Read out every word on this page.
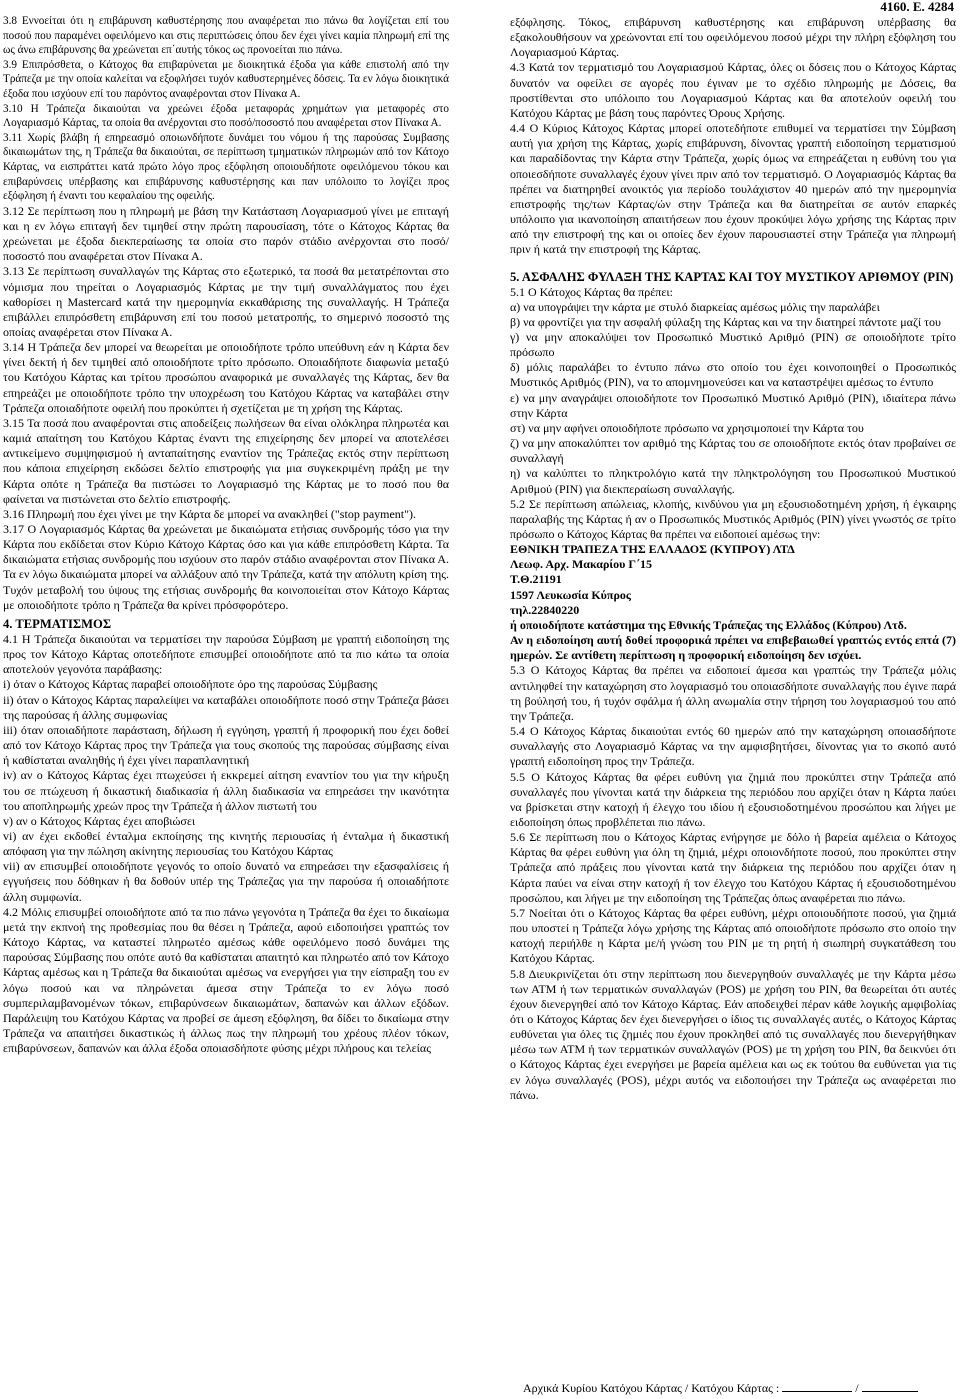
4160. Ε. 4284

3.8 Εννοείται ότι η επιβάρυνση καθυστέρησης που αναφέρεται πιο πάνω θα λογίζεται επί του ποσού που παραμένει οφειλόμενο και στις περιπτώσεις όπου δεν έχει γίνει καμία πληρωμή επί της ως άνω επιβάρυνσης θα χρεώνεται επ΄αυτής τόκος ως προνοείται πιο πάνω.

3.9 Επιπρόσθετα, ο Κάτοχος θα επιβαρύνεται με διοικητικά έξοδα για κάθε επιστολή από την Τράπεζα με την οποία καλείται να εξοφλήσει τυχόν καθυστερημένες δόσεις. Τα εν λόγω διοικητικά έξοδα που ισχύουν επί του παρόντος αναφέρονται στον Πίνακα Α.

3.10 Η Τράπεζα δικαιούται να χρεώνει έξοδα μεταφοράς χρημάτων για μεταφορές στο Λογαριασμό Κάρτας, τα οποία θα ανέρχονται στο ποσό/ποσοστό που αναφέρεται στον Πίνακα Α.

3.11 Χωρίς βλάβη ή επηρεασμό οποιωνδήποτε δυνάμει του νόμου ή της παρούσας Συμβασης δικαιωμάτων της, η Τράπεζα θα δικαιούται, σε περίπτωση τμηματικών πληρωμών από τον Κάτοχο Κάρτας, να εισπράττει κατά πρώτο λόγο προς εξόφληση οποιουδήποτε οφειλόμενου τόκου και επιβαρύνσεις υπέρβασης και επιβάρυνσης καθυστέρησης και παν υπόλοιπο το λογίζει προς εξόφληση ή έναντι του κεφαλαίου της οφειλής.

3.12 Σε περίπτωση που η πληρωμή με βάση την Κατάσταση Λογαριασμού γίνει με επιταγή και η εν λόγω επιταγή δεν τιμηθεί στην πρώτη παρουσίαση, τότε ο Κάτοχος Κάρτας θα χρεώνεται με έξοδα διεκπεραίωσης τα οποία στο παρόν στάδιο ανέρχονται στο ποσό/ποσοστό που αναφέρεται στον Πίνακα Α.

3.13 Σε περίπτωση συναλλαγών της Κάρτας στο εξωτερικό, τα ποσά θα μετατρέπονται στο νόμισμα που τηρείται ο Λογαριασμός Κάρτας με την τιμή συναλλάγματος που έχει καθορίσει η Mastercard κατά την ημερομηνία εκκαθάρισης της συναλλαγής. Η Τράπεζα επιβάλλει επιπρόσθετη επιβάρυνση επί του ποσού μετατροπής, το σημερινό ποσοστό της οποίας αναφέρεται στον Πίνακα Α.

3.14 Η Τράπεζα δεν μπορεί να θεωρείται με οποιοδήποτε τρόπο υπεύθυνη εάν η Κάρτα δεν γίνει δεκτή ή δεν τιμηθεί από οποιοδήποτε τρίτο πρόσωπο. Οποιαδήποτε διαφωνία μεταξύ του Κατόχου Κάρτας και τρίτου προσώπου αναφορικά με συναλλαγές της Κάρτας, δεν θα επηρεάζει με οποιοδήποτε τρόπο την υποχρέωση του Κατόχου Κάρτας να καταβάλει στην Τράπεζα οποιαδήποτε οφειλή που προκύπτει ή σχετίζεται με τη χρήση της Κάρτας.

3.15 Τα ποσά που αναφέρονται στις αποδείξεις πωλήσεων θα είναι ολόκληρα πληρωτέα και καμιά απαίτηση του Κατόχου Κάρτας έναντι της επιχείρησης δεν μπορεί να αποτελέσει αντικείμενο συμψηφισμού ή ανταπαίτησης εναντίον της Τράπεζας εκτός στην περίπτωση που κάποια επιχείρηση εκδώσει δελτίο επιστροφής για μια συγκεκριμένη πράξη με την Κάρτα οπότε η Τράπεζα θα πιστώσει το Λογαριασμό της Κάρτας με το ποσό που θα φαίνεται να πιστώνεται στο δελτίο επιστροφής.

3.16 Πληρωμή που έχει γίνει με την Κάρτα δε μπορεί να ανακληθεί ("stop payment").

3.17 Ο Λογαριασμός Κάρτας θα χρεώνεται με δικαιώματα ετήσιας συνδρομής τόσο για την Κάρτα που εκδίδεται στον Κύριο Κάτοχο Κάρτας όσο και για κάθε επιπρόσθετη Κάρτα. Τα δικαιώματα ετήσιας συνδρομής που ισχύουν στο παρόν στάδιο αναφέρονται στον Πίνακα Α. Τα εν λόγω δικαιώματα μπορεί να αλλάξουν από την Τράπεζα, κατά την απόλυτη κρίση της. Τυχόν μεταβολή του ύψους της ετήσιας συνδρομής θα κοινοποιείται στον Κάτοχο Κάρτας με οποιοδήποτε τρόπο η Τράπεζα θα κρίνει πρόσφορότερο.

4. ΤΕΡΜΑΤΙΣΜΟΣ

4.1 Η Τράπεζα δικαιούται να τερματίσει την παρούσα Σύμβαση με γραπτή ειδοποίηση της προς τον Κάτοχο Κάρτας οποτεδήποτε επισυμβεί οποιοδήποτε από τα πιο κάτω τα οποία αποτελούν γεγονότα παράβασης:

i) όταν ο Κάτοχος Κάρτας παραβεί οποιοδήποτε όρο της παρούσας Σύμβασης

ii) όταν ο Κάτοχος Κάρτας παραλείψει να καταβάλει οποιοδήποτε ποσό στην Τράπεζα βάσει της παρούσας ή άλλης συμφωνίας

iii) όταν οποιαδήποτε παράσταση, δήλωση ή εγγύηση, γραπτή ή προφορική που έχει δοθεί από τον Κάτοχο Κάρτας προς την Τράπεζα για τους σκοπούς της παρούσας σύμβασης είναι ή καθίσταται αναληθής ή έχει γίνει παραπλανητική

iv) αν ο Κάτοχος Κάρτας έχει πτωχεύσει ή εκκρεμεί αίτηση εναντίον του για την κήρυξη του σε πτώχευση ή δικαστική διαδικασία ή άλλη διαδικασία να επηρεάσει την ικανότητα του αποπληρωμής χρεών προς την Τράπεζα ή άλλον πιστωτή του

v) αν ο Κάτοχος Κάρτας έχει αποβιώσει

vi) αν έχει εκδοθεί ένταλμα εκποίησης της κινητής περιουσίας ή ένταλμα ή δικαστική απόφαση για την πώληση ακίνητης περιουσίας του Κατόχου Κάρτας

vii) αν επισυμβεί οποιοδήποτε γεγονός το οποίο δυνατό να επηρεάσει την εξασφαλίσεις ή εγγυήσεις που δόθηκαν ή θα δοθούν υπέρ της Τράπεζας για την παρούσα ή οποιαδήποτε άλλη συμφωνία.

4.2 Μόλις επισυμβεί οποιοδήποτε από τα πιο πάνω γεγονότα η Τράπεζα θα έχει το δικαίωμα μετά την εκπνοή της προθεσμίας που θα θέσει η Τράπεζα, αφού ειδοποιήσει γραπτώς τον Κάτοχο Κάρτας, να καταστεί πληρωτέο αμέσως κάθε οφειλόμενο ποσό δυνάμει της παρούσας Σύμβασης που οπότε αυτό θα καθίσταται απαιτητό και πληρωτέο από τον Κάτοχο Κάρτας αμέσως και η Τράπεζα θα δικαιούται αμέσως να ενεργήσει για την είσπραξη του εν λόγω ποσού και να πληρώνεται άμεσα στην Τράπεζα το εν λόγω ποσό συμπεριλαμβανομένων τόκων, επιβαρύνσεων δικαιωμάτων, δαπανών και άλλων εξόδων. Παράλειψη του Κατόχου Κάρτας να προβεί σε άμεση εξόφληση, θα δίδει το δικαίωμα στην Τράπεζα να απαιτήσει δικαστικώς ή άλλως πως την πληρωμή του χρέους πλέον τόκων, επιβαρύνσεων, δαπανών και άλλα έξοδα οποιασδήποτε φύσης μέχρι πλήρους και τελείας

εξόφλησης. Τόκος, επιβάρυνση καθυστέρησης και επιβάρυνση υπέρβασης θα εξακολουθήσουν να χρεώνονται επί του οφειλόμενου ποσού μέχρι την πλήρη εξόφληση του Λογαριασμού Κάρτας.

4.3 Κατά τον τερματισμό του Λογαριασμού Κάρτας, όλες οι δόσεις που ο Κάτοχος Κάρτας δυνατόν να οφείλει σε αγορές που έγιναν με το σχέδιο πληρωμής με Δόσεις, θα προστίθενται στο υπόλοιπο του Λογαριασμού Κάρτας και θα αποτελούν οφειλή του Κατόχου Κάρτας με βάση τους παρόντες Όρους Χρήσης.

4.4 Ο Κύριος Κάτοχος Κάρτας μπορεί οποτεδήποτε επιθυμεί να τερματίσει την Σύμβαση αυτή για χρήση της Κάρτας, χωρίς επιβάρυνση, δίνοντας γραπτή ειδοποίηση τερματισμού και παραδίδοντας την Κάρτα στην Τράπεζα, χωρίς όμως να επηρεάζεται η ευθύνη του για οποιεσδήποτε συναλλαγές έχουν γίνει πριν από τον τερματισμό. Ο Λογαριασμός Κάρτας θα πρέπει να διατηρηθεί ανοικτός για περίοδο τουλάχιστον 40 ημερών από την ημερομηνία επιστροφής της/των Κάρτας/ών στην Τράπεζα και θα διατηρείται σε αυτόν επαρκές υπόλοιπο για ικανοποίηση απαιτήσεων που έχουν προκύψει λόγω χρήσης της Κάρτας πριν από την επιστροφή της και οι οποίες δεν έχουν παρουσιαστεί στην Τράπεζα για πληρωμή πριν ή κατά την επιστροφή της Κάρτας.

5. ΑΣΦΑΛΗΣ ΦΥΛΑΞΗ ΤΗΣ ΚΑΡΤΑΣ ΚΑΙ ΤΟΥ ΜΥΣΤΙΚΟΥ ΑΡΙΘΜΟΥ (PIN)

5.1 Ο Κάτοχος Κάρτας θα πρέπει:

α) να υπογράψει την κάρτα με στυλό διαρκείας αμέσως μόλις την παραλάβει

β) να φροντίζει για την ασφαλή φύλαξη της Κάρτας και να την διατηρεί πάντοτε μαζί του

γ) να μην αποκαλύψει τον Προσωπικό Μυστικό Αριθμό (PIN) σε οποιοδήποτε τρίτο πρόσωπο

δ) μόλις παραλάβει το έντυπο πάνω στο οποίο του έχει κοινοποιηθεί ο Προσωπικός Μυστικός Αριθμός (PIN), να το απομνημονεύσει και να καταστρέψει αμέσως το έντυπο

ε) να μην αναγράψει οποιοδήποτε τον Προσωπικό Μυστικό Αριθμό (PIN), ιδιαίτερα πάνω στην Κάρτα

στ) να μην αφήνει οποιοδήποτε πρόσωπο να χρησιμοποιεί την Κάρτα του

ζ) να μην αποκαλύπτει τον αριθμό της Κάρτας του σε οποιοδήποτε εκτός όταν προβαίνει σε συναλλαγή

η) να καλύπτει το πληκτρολόγιο κατά την πληκτρολόγηση του Προσωπικού Μυστικού Αριθμού (PIN) για διεκπεραίωση συναλλαγής.

5.2 Σε περίπτωση απώλειας, κλοπής, κινδύνου για μη εξουσιοδοτημένη χρήση, ή έγκαιρης παραλαβής της Κάρτας ή αν ο Προσωπικός Μυστικός Αριθμός (PIN) γίνει γνωστός σε τρίτο πρόσωπο ο Κάτοχος Κάρτας θα πρέπει να ειδοποιεί αμέσως την:

ΕΘΝΙΚΗ ΤΡΑΠΕΖΑ ΤΗΣ ΕΛΛΑΔΟΣ (ΚΥΠΡΟΥ) ΛΤΔ

Λεωφ. Αρχ. Μακαρίου Γ΄15

Τ.Θ.21191

1597 Λευκωσία Κύπρος

τηλ.22840220

ή οποιοδήποτε κατάστημα της Εθνικής Τράπεζας της Ελλάδος (Κύπρου) Λτδ.

Αν η ειδοποίηση αυτή δοθεί προφορικά πρέπει να επιβεβαιωθεί γραπτώς εντός επτά (7) ημερών. Σε αντίθετη περίπτωση η προφορική ειδοποίηση δεν ισχύει.

5.3 Ο Κάτοχος Κάρτας θα πρέπει να ειδοποιεί άμεσα και γραπτώς την Τράπεζα μόλις αντιληφθεί την καταχώρηση στο λογαριασμό του οποιασδήποτε συναλλαγής που έγινε παρά τη βούλησή του, ή τυχόν σφάλμα ή άλλη ανωμαλία στην τήρηση του λογαριασμού του από την Τράπεζα.

5.4 Ο Κάτοχος Κάρτας δικαιούται εντός 60 ημερών από την καταχώρηση οποιασδήποτε συναλλαγής στο Λογαριασμό Κάρτας να την αμφισβητήσει, δίνοντας για το σκοπό αυτό γραπτή ειδοποίηση προς την Τράπεζα.

5.5 Ο Κάτοχος Κάρτας θα φέρει ευθύνη για ζημιά που προκύπτει στην Τράπεζα από συναλλαγές που γίνονται κατά την διάρκεια της περιόδου που αρχίζει όταν η Κάρτα παύει να βρίσκεται στην κατοχή ή έλεγχο του ιδίου ή εξουσιοδοτημένου προσώπου και λήγει με ειδοποίηση όπως προβλέπεται πιο πάνω.

5.6 Σε περίπτωση που ο Κάτοχος Κάρτας ενήργησε με δόλο ή βαρεία αμέλεια ο Κάτοχος Κάρτας θα φέρει ευθύνη για όλη τη ζημιά, μέχρι οποιονδήποτε ποσού, που προκύπτει στην Τράπεζα από πράξεις που γίνονται κατά την διάρκεια της περιόδου που αρχίζει όταν η Κάρτα παύει να είναι στην κατοχή ή τον έλεγχο του Κατόχου Κάρτας ή εξουσιοδοτημένου προσώπου, και λήγει με την ειδοποίηση της Τράπεζας όπως αναφέρεται πιο πάνω.

5.7 Νοείται ότι ο Κάτοχος Κάρτας θα φέρει ευθύνη, μέχρι οποιουδήποτε ποσού, για ζημιά που υποστεί η Τράπεζα λόγω χρήσης της Κάρτας από οποιοδήποτε πρόσωπο στο οποίο την κατοχή περιήλθε η Κάρτα με/ή γνώση του PIN με τη ρητή ή σιωπηρή συγκατάθεση του Κατόχου Κάρτας.

5.8 Διευκρινίζεται ότι στην περίπτωση που διενεργηθούν συναλλαγές με την Κάρτα μέσω των ΑΤΜ ή των τερματικών συναλλαγών (POS) με χρήση του PIN, θα θεωρείται ότι αυτές έχουν διενεργηθεί από τον Κάτοχο Κάρτας. Εάν αποδειχθεί πέραν κάθε λογικής αμφιβολίας ότι ο Κάτοχος Κάρτας δεν έχει διενεργήσει ο ίδιος τις συναλλαγές αυτές, ο Κάτοχος Κάρτας ευθύνεται για όλες τις ζημιές που έχουν προκληθεί από τις συναλλαγές που διενεργήθηκαν μέσω των ΑΤΜ ή των τερματικών συναλλαγών (POS) με τη χρήση του PIN, θα δεικνύει ότι ο Κάτοχος Κάρτας έχει ενεργήσει με βαρεία αμέλεια και ως εκ τούτου θα ευθύνεται για τις εν λόγω συναλλαγές (POS), μέχρι αυτός να ειδοποιήσει την Τράπεζα ως αναφέρεται πιο πάνω.

Αρχικά Κυρίου Κατόχου Κάρτας / Κατόχου Κάρτας :	/
